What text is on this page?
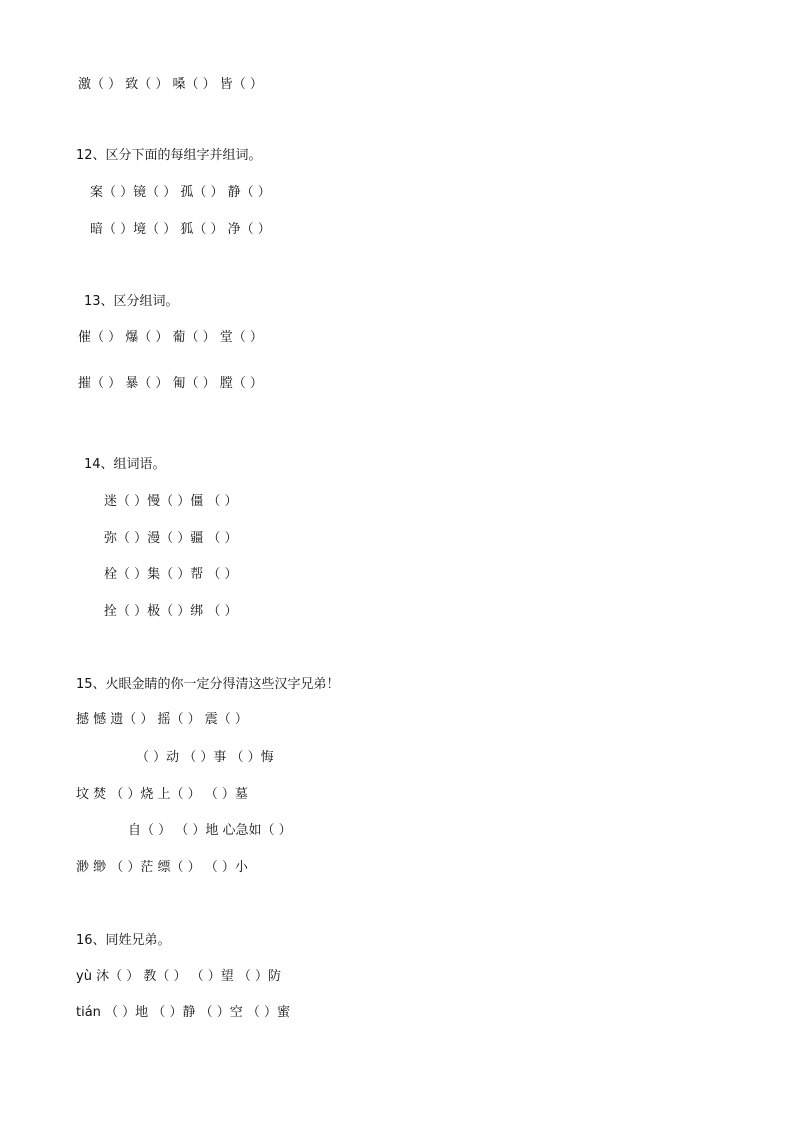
激（ ） 致（ ） 嗓（ ） 皆（ ）
12、区分下面的每组字并组词。
案（ ）镜（ ） 孤（ ） 静（ ）
暗（ ）境（ ） 狐（ ） 净（ ）
13、区分组词。
催（ ） 爆（ ） 葡（ ） 堂（ ）
摧（ ） 暴（ ） 匍（ ） 膛（ ）
14、组词语。
迷（ ）慢（ ）僵 （ ）
弥（ ）漫（ ）疆 （ ）
栓（ ）集（ ）帮 （ ）
拴（ ）极（ ）绑 （ ）
15、火眼金睛的你一定分得清这些汉字兄弟！
撼 憾 遗（ ） 摇（ ） 震（ ）
（ ）动 （ ）事 （ ）悔
坟 焚 （ ）烧 上（ ） （ ）墓
自（ ） （ ）地 心急如（ ）
渺 缈 （ ）茫 缥（ ） （ ）小
16、同姓兄弟。
yù 沐（ ） 教（ ） （ ）望 （ ）防
tián （ ）地 （ ）静 （ ）空 （ ）蜜
